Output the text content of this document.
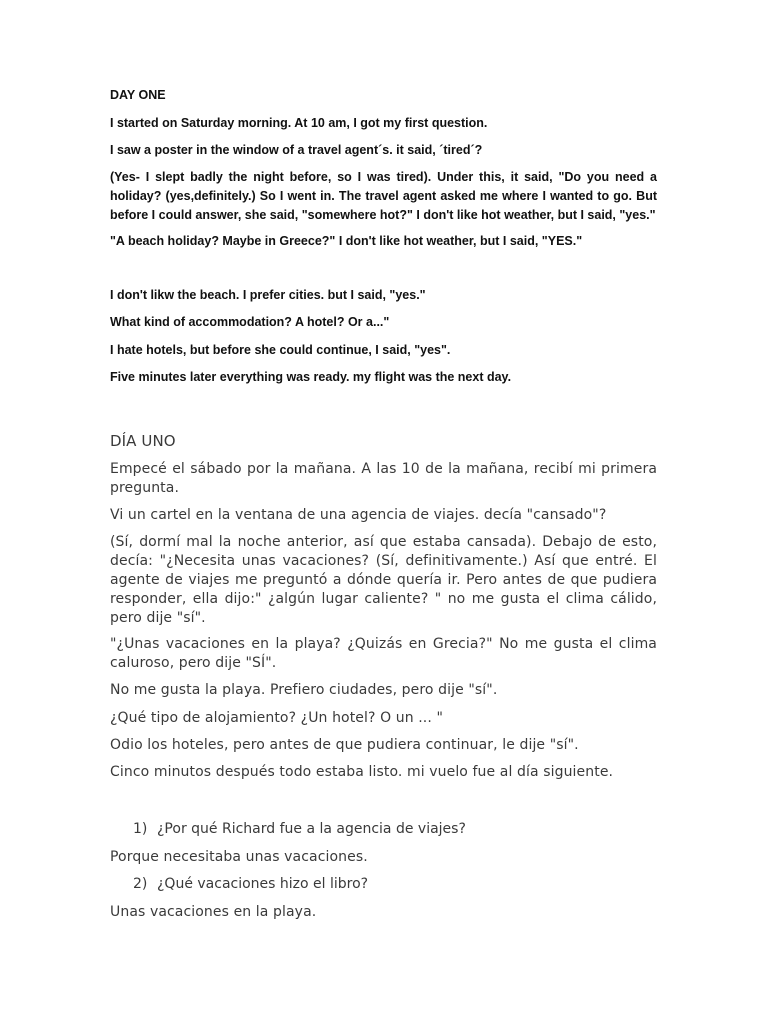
DAY ONE

I started on Saturday morning. At 10 am, I got my first question.

I saw a poster in the window of a travel agent´s. it said, ´tired´?

(Yes- I slept badly the night before, so I was tired). Under this, it said, "Do you need a holiday? (yes,definitely.) So I went in. The travel agent asked me where I wanted to go. But before I could answer, she said, "somewhere hot?" I don't like hot weather, but I said, "yes."

"A beach holiday? Maybe in Greece?" I don't like hot weather, but I said, "YES."

I don't likw the beach. I prefer cities. but I said, "yes."

What kind of accommodation? A hotel? Or a..."

I hate hotels, but before she could continue, I said, "yes".

Five minutes later everything was ready. my flight was the next day.

DÍA UNO

Empecé el sábado por la mañana. A las 10 de la mañana, recibí mi primera pregunta.

Vi un cartel en la ventana de una agencia de viajes. decía "cansado"?

(Sí, dormí mal la noche anterior, así que estaba cansada). Debajo de esto, decía: "¿Necesita unas vacaciones? (Sí, definitivamente.) Así que entré. El agente de viajes me preguntó a dónde quería ir. Pero antes de que pudiera responder, ella dijo:" ¿algún lugar caliente? " no me gusta el clima cálido, pero dije "sí".

"¿Unas vacaciones en la playa? ¿Quizás en Grecia?" No me gusta el clima caluroso, pero dije "SÍ".

No me gusta la playa. Prefiero ciudades, pero dije "sí".

¿Qué tipo de alojamiento? ¿Un hotel? O un ... "

Odio los hoteles, pero antes de que pudiera continuar, le dije "sí".

Cinco minutos después todo estaba listo. mi vuelo fue al día siguiente.

1) ¿Por qué Richard fue a la agencia de viajes?

Porque necesitaba unas vacaciones.

2) ¿Qué vacaciones hizo el libro?

Unas vacaciones en la playa.
